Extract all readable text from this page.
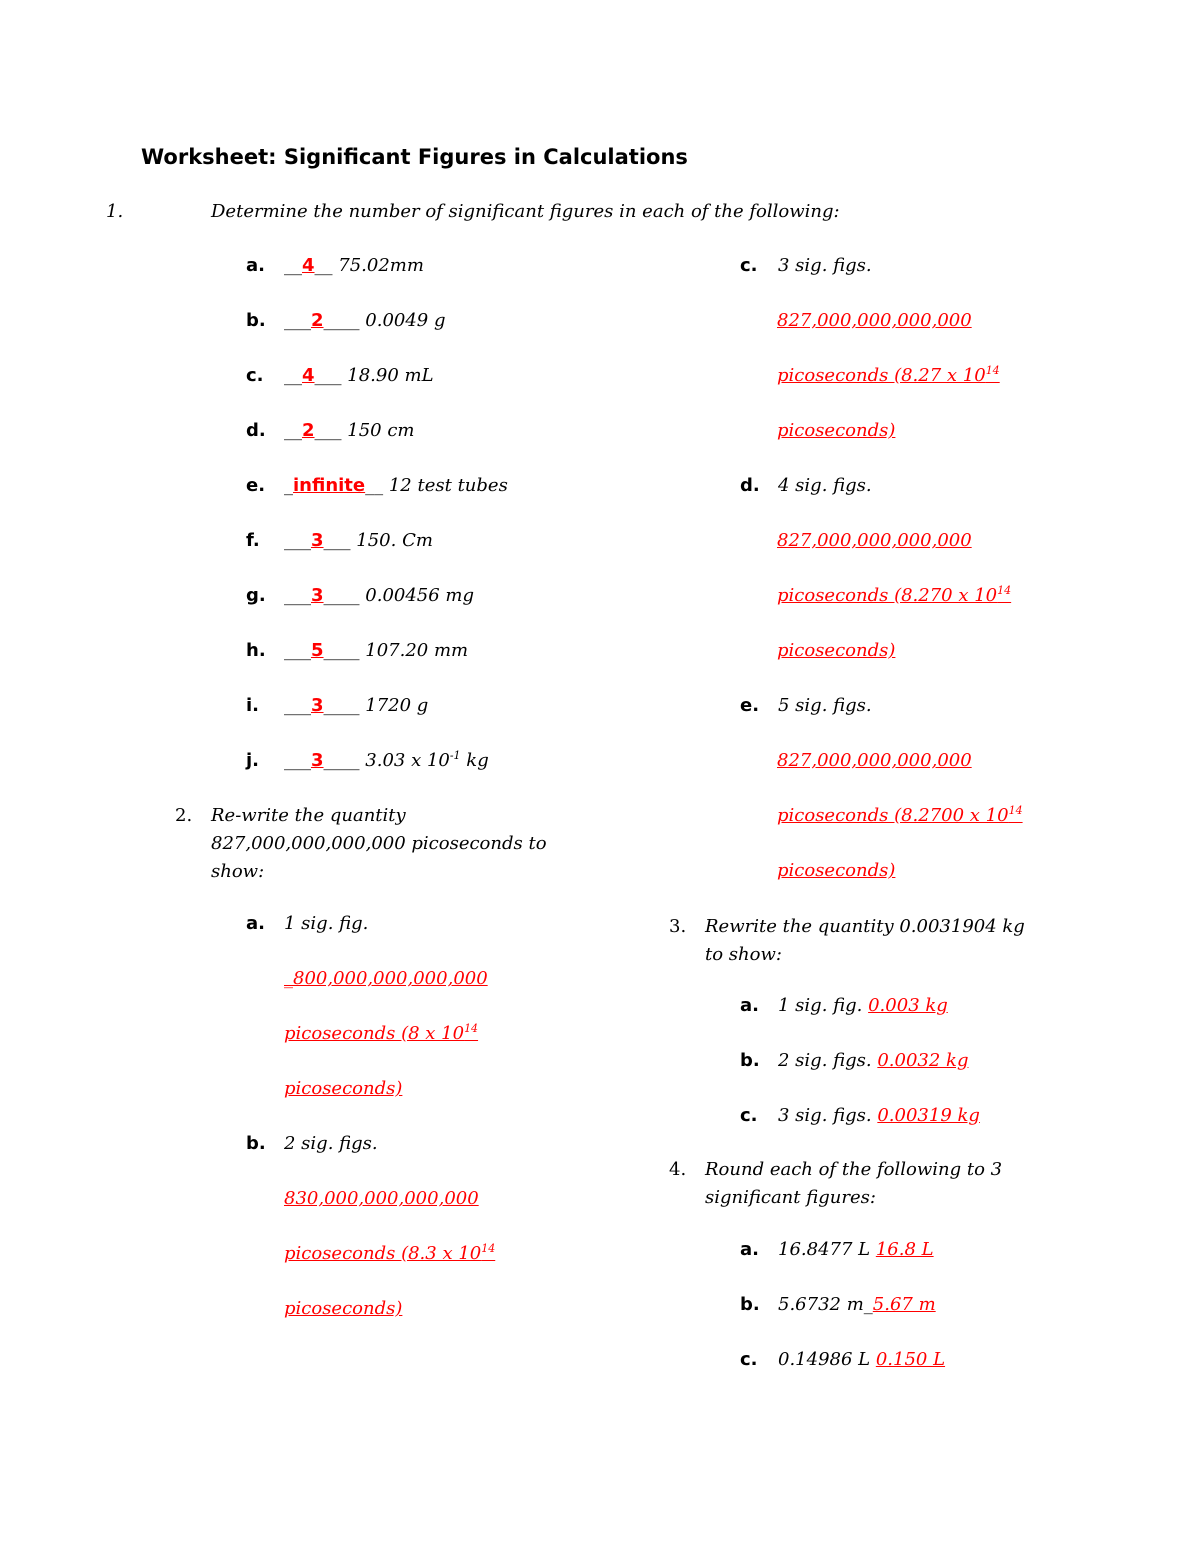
Worksheet: Significant Figures in Calculations
1.	Determine the number of significant figures in each of the following:
a. __4__ 75.02mm
b. ___2____ 0.0049 g
c. __4___ 18.90 mL
d. __2___ 150 cm
e. _infinite__ 12 test tubes
f. ___3___ 150. Cm
g. ___3____ 0.00456 mg
h. ___5____ 107.20 mm
i. ___3____ 1720 g
j. ___3____ 3.03 x $10^{-1}$ kg
2. Re-write the quantity
827,000,000,000,000 picoseconds to
show:
a. 1 sig. fig.
_800,000,000,000,000
picoseconds (8 x $10^{14}$
picoseconds)
b. 2 sig. figs.
830,000,000,000,000
picoseconds (8.3 x $10^{14}$
picoseconds)
c. 3 sig. figs.
827,000,000,000,000
picoseconds (8.27 x $10^{14}$
picoseconds)
d. 4 sig. figs.
827,000,000,000,000
picoseconds (8.270 x $10^{14}$
picoseconds)
e. 5 sig. figs.
827,000,000,000,000
picoseconds (8.2700 x $10^{14}$
picoseconds)
3. Rewrite the quantity 0.0031904 kg
to show:
a. 1 sig. fig. 0.003 kg
b. 2 sig. figs. 0.0032 kg
c. 3 sig. figs. 0.00319 kg
4. Round each of the following to 3
significant figures:
a. 16.8477 L 16.8 L
b. 5.6732 m_5.67 m
c. 0.14986 L 0.150 L
